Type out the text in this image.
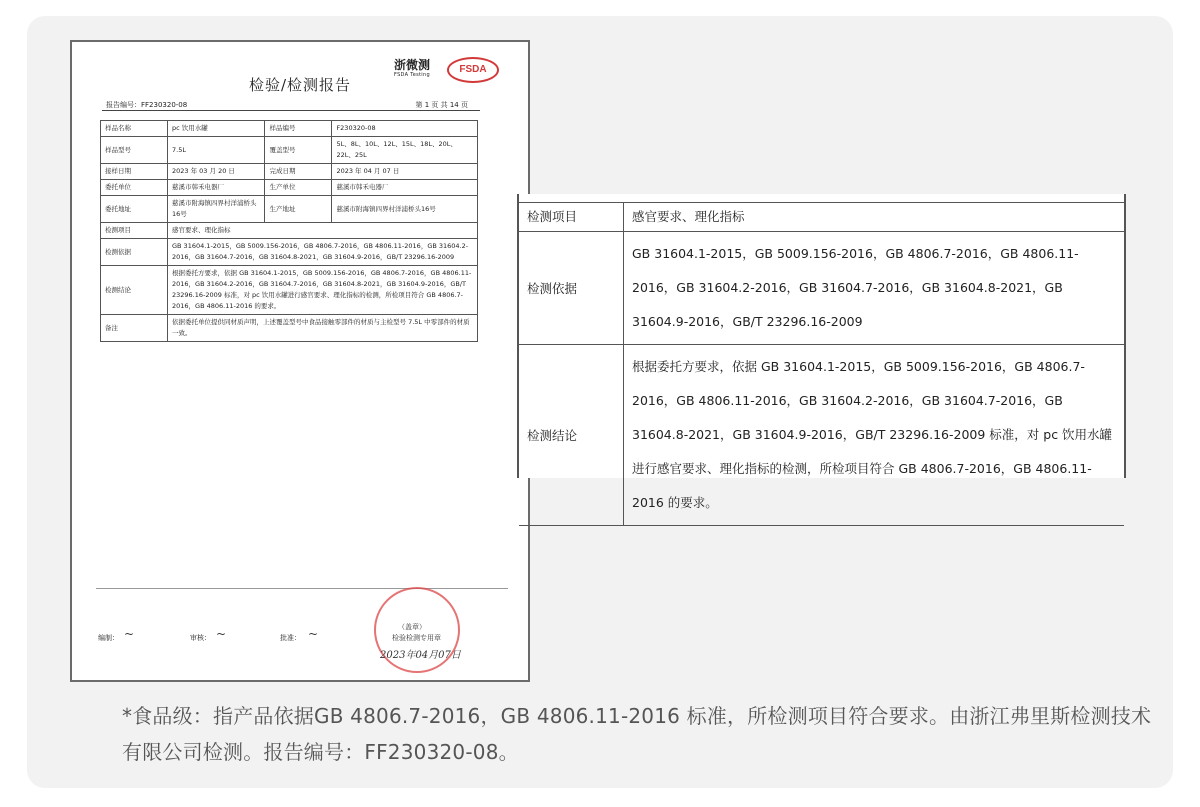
检验/检测报告
浙微测
FSDA Testing	FSDA
报告编号：FF230320-08	第 1 页 共 14 页
样品名称	pc 饮用水罐	样品编号	F230320-08
样品型号	7.5L	覆盖型号	5L、8L、10L、12L、15L、18L、20L、22L、25L
接样日期	2023 年 03 月 20 日	完成日期	2023 年 04 月 07 日
委托单位	慈溪市韩禾电器厂	生产单位	慈溪市韩禾电器厂
委托地址	慈溪市附海镇四界村洋浦桥头16号	生产地址	慈溪市附海镇四界村洋浦桥头16号
检测项目	感官要求、理化指标		
检测依据	GB 31604.1-2015，GB 5009.156-2016，GB 4806.7-2016，GB 4806.11-2016，GB 31604.2-2016，GB 31604.7-2016，GB 31604.8-2021，GB 31604.9-2016，GB/T 23296.16-2009		
检测结论	根据委托方要求，依据 GB 31604.1-2015，GB 5009.156-2016，GB 4806.7-2016，GB 4806.11-2016，GB 31604.2-2016，GB 31604.7-2016，GB 31604.8-2021，GB 31604.9-2016，GB/T 23296.16-2009 标准，对 pc 饮用水罐进行感官要求、理化指标的检测，所检项目符合 GB 4806.7-2016，GB 4806.11-2016 的要求。		
备注	依据委托单位提供同材质声明，上述覆盖型号中食品接触零部件的材质与主检型号 7.5L 中零部件的材质一致。		
编制： ~	审核： ~	批准： ~	（盖章）
检验检测专用章
2023年04月07日
检测项目	感官要求、理化指标
检测依据	GB 31604.1-2015，GB 5009.156-2016，GB 4806.7-2016，GB 4806.11-2016，GB 31604.2-2016，GB 31604.7-2016，GB 31604.8-2021，GB 31604.9-2016，GB/T 23296.16-2009
检测结论	根据委托方要求，依据 GB 31604.1-2015，GB 5009.156-2016，GB 4806.7-2016，GB 4806.11-2016，GB 31604.2-2016，GB 31604.7-2016，GB 31604.8-2021，GB 31604.9-2016，GB/T 23296.16-2009 标准，对 pc 饮用水罐进行感官要求、理化指标的检测，所检项目符合 GB 4806.7-2016，GB 4806.11-2016 的要求。
*食品级：指产品依据GB 4806.7-2016，GB 4806.11-2016 标准，所检测项目符合要求。由浙江弗里斯检测技术有限公司检测。报告编号：FF230320-08。
